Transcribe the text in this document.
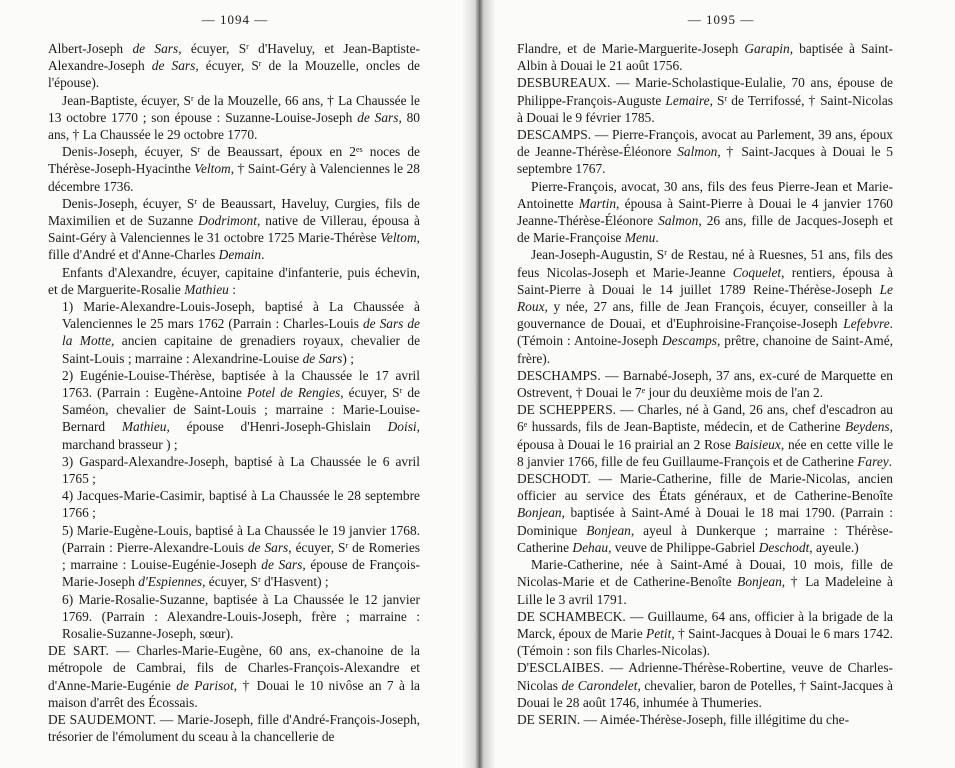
— 1094 —

Albert-Joseph de Sars, écuyer, $S^r$ d'Haveluy, et Jean-Baptiste-Alexandre-Joseph de Sars, écuyer, $S^r$ de la Mouzelle, oncles de l'épouse).

Jean-Baptiste, écuyer, $S^r$ de la Mouzelle, 66 ans, † La Chaussée le 13 octobre 1770 ; son épouse : Suzanne-Louise-Joseph de Sars, 80 ans, † La Chaussée le 29 octobre 1770.

Denis-Joseph, écuyer, $S^r$ de Beaussart, époux en $2^{es}$ noces de Thérèse-Joseph-Hyacinthe Veltom, † Saint-Géry à Valenciennes le 28 décembre 1736.

Denis-Joseph, écuyer, $S^r$ de Beaussart, Haveluy, Curgies, fils de Maximilien et de Suzanne Dodrimont, native de Villerau, épousa à Saint-Géry à Valenciennes le 31 octobre 1725 Marie-Thérèse Veltom, fille d'André et d'Anne-Charles Demain.

Enfants d'Alexandre, écuyer, capitaine d'infanterie, puis échevin, et de Marguerite-Rosalie Mathieu :

1) Marie-Alexandre-Louis-Joseph, baptisé à La Chaussée à Valenciennes le 25 mars 1762 (Parrain : Charles-Louis de Sars de la Motte, ancien capitaine de grenadiers royaux, chevalier de Saint-Louis ; marraine : Alexandrine-Louise de Sars) ;

2) Eugénie-Louise-Thérèse, baptisée à la Chaussée le 17 avril 1763. (Parrain : Eugène-Antoine Potel de Rengies, écuyer, $S^r$ de Saméon, chevalier de Saint-Louis ; marraine : Marie-Louise-Bernard Mathieu, épouse d'Henri-Joseph-Ghislain Doisi, marchand brasseur ) ;

3) Gaspard-Alexandre-Joseph, baptisé à La Chaussée le 6 avril 1765 ;

4) Jacques-Marie-Casimir, baptisé à La Chaussée le 28 septembre 1766 ;

5) Marie-Eugène-Louis, baptisé à La Chaussée le 19 janvier 1768. (Parrain : Pierre-Alexandre-Louis de Sars, écuyer, $S^r$ de Romeries ; marraine : Louise-Eugénie-Joseph de Sars, épouse de François-Marie-Joseph d'Espiennes, écuyer, $S^r$ d'Hasvent) ;

6) Marie-Rosalie-Suzanne, baptisée à La Chaussée le 12 janvier 1769. (Parrain : Alexandre-Louis-Joseph, frère ; marraine : Rosalie-Suzanne-Joseph, sœur).

DE SART. — Charles-Marie-Eugène, 60 ans, ex-chanoine de la métropole de Cambrai, fils de Charles-François-Alexandre et d'Anne-Marie-Eugénie de Parisot, † Douai le 10 nivôse an 7 à la maison d'arrêt des Écossais.

DE SAUDEMONT. — Marie-Joseph, fille d'André-François-Joseph, trésorier de l'émolument du sceau à la chancellerie de

— 1095 —

Flandre, et de Marie-Marguerite-Joseph Garapin, baptisée à Saint-Albin à Douai le 21 août 1756.

DESBUREAUX. — Marie-Scholastique-Eulalie, 70 ans, épouse de Philippe-François-Auguste Lemaire, $S^r$ de Terrifossé, † Saint-Nicolas à Douai le 9 février 1785.

DESCAMPS. — Pierre-François, avocat au Parlement, 39 ans, époux de Jeanne-Thérèse-Éléonore Salmon, † Saint-Jacques à Douai le 5 septembre 1767.

Pierre-François, avocat, 30 ans, fils des feus Pierre-Jean et Marie-Antoinette Martin, épousa à Saint-Pierre à Douai le 4 janvier 1760 Jeanne-Thérèse-Éléonore Salmon, 26 ans, fille de Jacques-Joseph et de Marie-Françoise Menu.

Jean-Joseph-Augustin, $S^r$ de Restau, né à Ruesnes, 51 ans, fils des feus Nicolas-Joseph et Marie-Jeanne Coquelet, rentiers, épousa à Saint-Pierre à Douai le 14 juillet 1789 Reine-Thérèse-Joseph Le Roux, y née, 27 ans, fille de Jean François, écuyer, conseiller à la gouvernance de Douai, et d'Euphroisine-Françoise-Joseph Lefebvre. (Témoin : Antoine-Joseph Descamps, prêtre, chanoine de Saint-Amé, frère).

DESCHAMPS. — Barnabé-Joseph, 37 ans, ex-curé de Marquette en Ostrevent, † Douai le 7e jour du deuxième mois de l'an 2.

DE SCHEPPERS. — Charles, né à Gand, 26 ans, chef d'escadron au 6e hussards, fils de Jean-Baptiste, médecin, et de Catherine Beydens, épousa à Douai le 16 prairial an 2 Rose Baisieux, née en cette ville le 8 janvier 1766, fille de feu Guillaume-François et de Catherine Farey.

DESCHODT. — Marie-Catherine, fille de Marie-Nicolas, ancien officier au service des États généraux, et de Catherine-Benoîte Bonjean, baptisée à Saint-Amé à Douai le 18 mai 1790. (Parrain : Dominique Bonjean, ayeul à Dunkerque ; marraine : Thérèse-Catherine Dehau, veuve de Philippe-Gabriel Deschodt, ayeule.)

Marie-Catherine, née à Saint-Amé à Douai, 10 mois, fille de Nicolas-Marie et de Catherine-Benoîte Bonjean, † La Madeleine à Lille le 3 avril 1791.

DE SCHAMBECK. — Guillaume, 64 ans, officier à la brigade de la Marck, époux de Marie Petit, † Saint-Jacques à Douai le 6 mars 1742. (Témoin : son fils Charles-Nicolas).

D'ESCLAIBES. — Adrienne-Thérèse-Robertine, veuve de Charles-Nicolas de Carondelet, chevalier, baron de Potelles, † Saint-Jacques à Douai le 28 août 1746, inhumée à Thumeries.

DE SERIN. — Aimée-Thérèse-Joseph, fille illégitime du che-
